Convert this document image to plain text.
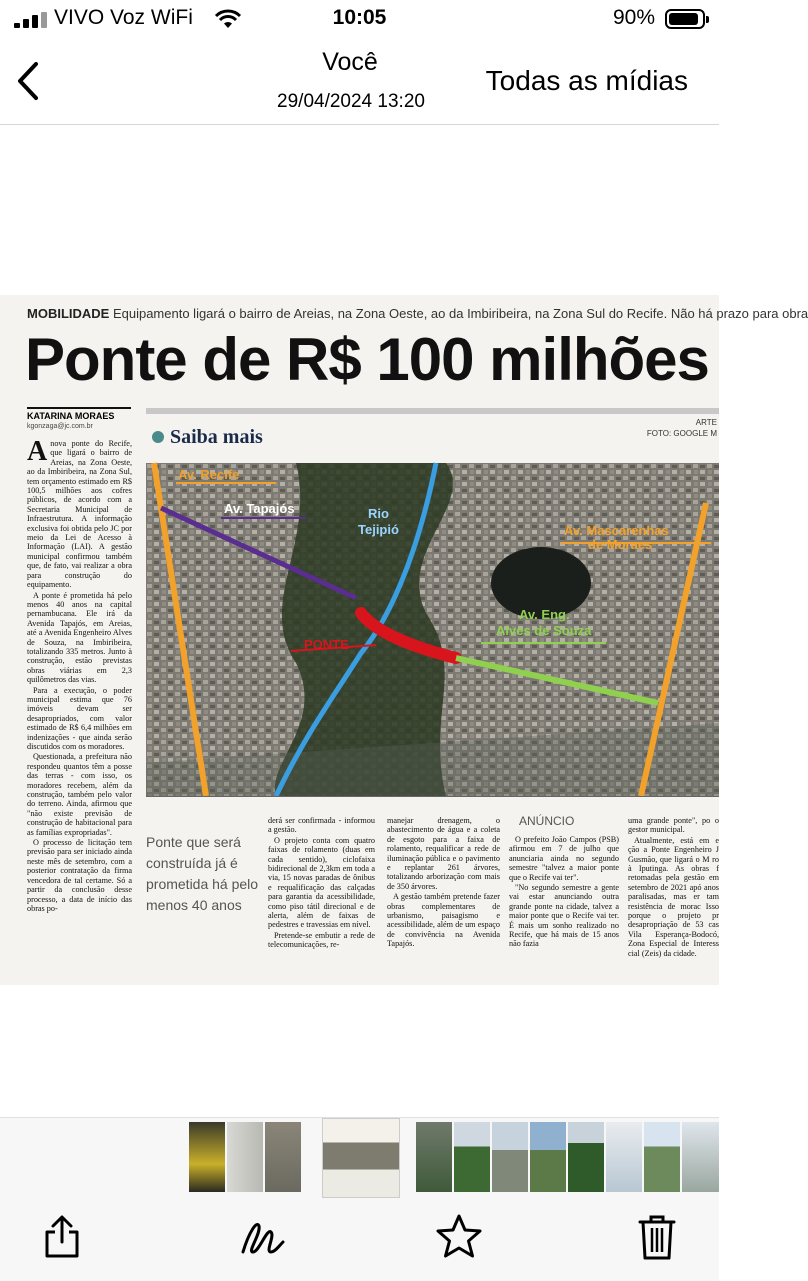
VIVO Voz WiFi	10:05	90%
Você
29/04/2024 13:20
Todas as mídias
MOBILIDADE Equipamento ligará o bairro de Areias, na Zona Oeste, ao da Imbiribeira, na Zona Sul do Recife. Não há prazo para obra
Ponte de R$ 100 milhões
KATARINA MORAES
kgonzaga@jc.com.br

Anova ponte do Recife, que ligará o bairro de Areias, na Zona Oeste, ao da Imbiribeira, na Zona Sul, tem orçamento estimado em R$ 100,5 milhões aos cofres públicos, de acordo com a Secretaria Municipal de Infraestrutura. A informação exclusiva foi obtida pelo JC por meio da Lei de Acesso à Informação (LAI). A gestão municipal confirmou também que, de fato, vai realizar a obra para construção do equipamento.

A ponte é prometida há pelo menos 40 anos na capital pernambucana. Ele irá da Avenida Tapajós, em Areias, até a Avenida Engenheiro Alves de Souza, na Imbiribeira, totalizando 335 metros. Junto à construção, estão previstas obras viárias em 2,3 quilômetros das vias.

Para a execução, o poder municipal estima que 76 imóveis devam ser desapropriados, com valor estimado de R$ 6,4 milhões em indenizações - que ainda serão discutidos com os moradores.

Questionada, a prefeitura não respondeu quantos têm a posse das terras - com isso, os moradores recebem, além da construção, também pelo valor do terreno. Ainda, afirmou que "não existe previsão de construção de habitacional para as famílias expropriadas".

O processo de licitação tem previsão para ser iniciado ainda neste mês de setembro, com a posterior contratação da firma vencedora de tal certame. Só a partir da conclusão desse processo, a data de início das obras po-

Saiba mais
ARTE
FOTO: GOOGLE M
Av. Recife
Av. Tapajós	Rio
Tejipió	Av. Mascarenhas
de Moraes
Av. Eng.
Alves de Souza
PONTE
Ponte que será construída já é prometida há pelo menos 40 anos

derá ser confirmada - informou a gestão.

O projeto conta com quatro faixas de rolamento (duas em cada sentido), ciclofaixa bidirecional de 2,3km em toda a via, 15 novas paradas de ônibus e requalificação das calçadas para garantia da acessibilidade, como piso tátil direcional e de alerta, além de faixas de pedestres e travessias em nível.

Pretende-se embutir a rede de telecomunicações, re-

manejar drenagem, o abastecimento de água e a coleta de esgoto para a faixa de rolamento, requalificar a rede de iluminação pública e o pavimento e replantar 261 árvores, totalizando arborização com mais de 350 árvores.

A gestão também pretende fazer obras complementares de urbanismo, paisagismo e acessibilidade, além de um espaço de convivência na Avenida Tapajós.

ANÚNCIO

O prefeito João Campos (PSB) afirmou em 7 de julho que anunciaria ainda no segundo semestre "talvez a maior ponte que o Recife vai ter".

"No segundo semestre a gente vai estar anunciando outra grande ponte na cidade, talvez a maior ponte que o Recife vai ter. É mais um sonho realizado no Recife, que há mais de 15 anos não fazia

uma grande ponte", po o gestor municipal.

Atualmente, está em e ção a Ponte Engenheiro J Gusmão, que ligará o M ro à Iputinga. As obras f retomadas pela gestão em setembro de 2021 apó anos paralisadas, mas er tam resistência de morac Isso porque o projeto pr desapropriação de 53 cas Vila Esperança-Bodocó, Zona Especial de Interess cial (Zeis) da cidade.
